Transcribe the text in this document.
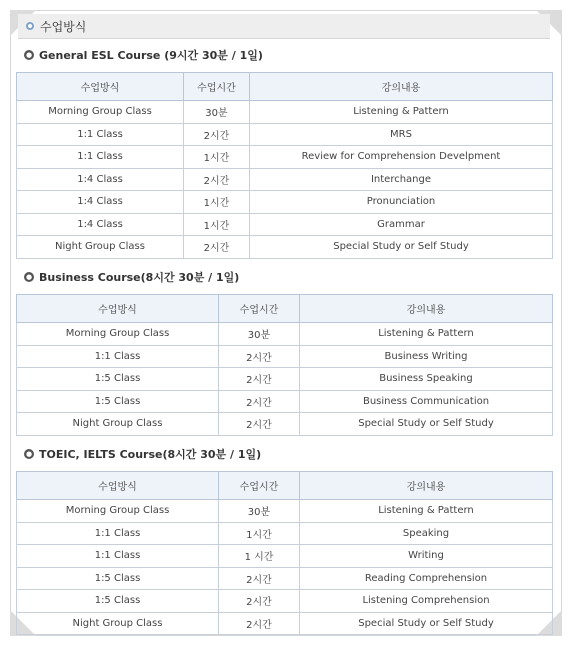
수업방식
● General ESL Course (9시간 30분 / 1일)
수업방식	수업시간	강의내용
Morning Group Class	30분	Listening & Pattern
1:1 Class	2시간	MRS
1:1 Class	1시간	Review for Comprehension Develpment
1:4 Class	2시간	Interchange
1:4 Class	1시간	Pronunciation
1:4 Class	1시간	Grammar
Night Group Class	2시간	Special Study or Self Study
● Business Course(8시간 30분 / 1일)
수업방식	수업시간	강의내용
Morning Group Class	30분	Listening & Pattern
1:1 Class	2시간	Business Writing
1:5 Class	2시간	Business Speaking
1:5 Class	2시간	Business Communication
Night Group Class	2시간	Special Study or Self Study
● TOEIC, IELTS Course(8시간 30분 / 1일)
수업방식	수업시간	강의내용
Morning Group Class	30분	Listening & Pattern
1:1 Class	1시간	Speaking
1:1 Class	1 시간	Writing
1:5 Class	2시간	Reading Comprehension
1:5 Class	2시간	Listening Comprehension
Night Group Class	2시간	Special Study or Self Study
